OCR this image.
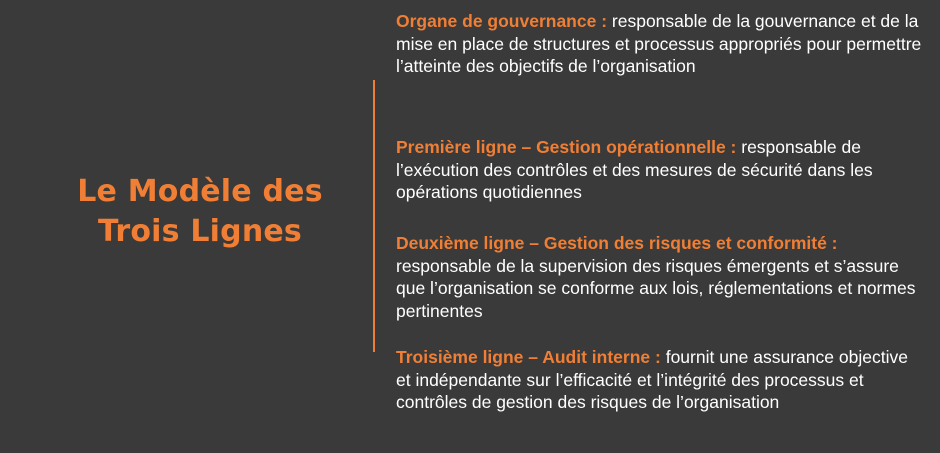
Le Modèle des
Trois Lignes
Organe de gouvernance : responsable de la gouvernance et de la mise en place de structures et processus appropriés pour permettre l’atteinte des objectifs de l’organisation
Première ligne – Gestion opérationnelle : responsable de l’exécution des contrôles et des mesures de sécurité dans les opérations quotidiennes
Deuxième ligne – Gestion des risques et conformité : responsable de la supervision des risques émergents et s’assure que l’organisation se conforme aux lois, réglementations et normes pertinentes
Troisième ligne – Audit interne : fournit une assurance objective et indépendante sur l’efficacité et l’intégrité des processus et contrôles de gestion des risques de l’organisation
